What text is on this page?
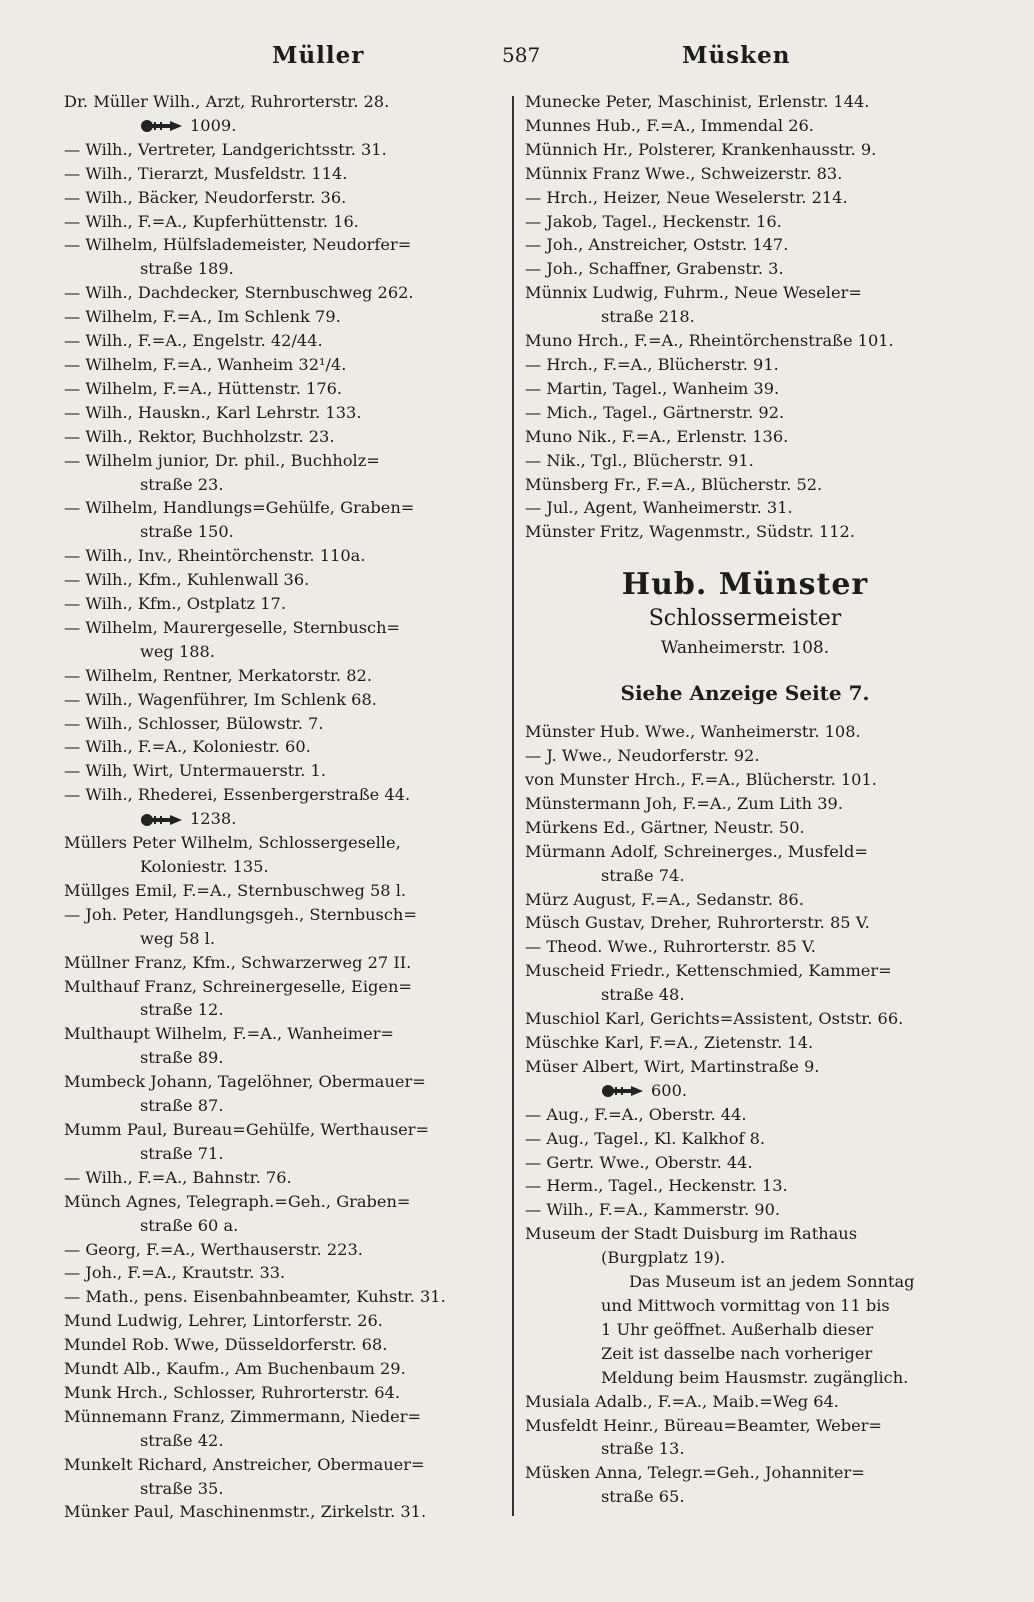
Müller	587	Müsken
Dr. Müller Wilh., Arzt, Ruhrorterstr. 28.
1009.
— Wilh., Vertreter, Landgerichtsstr. 31.
— Wilh., Tierarzt, Musfeldstr. 114.
— Wilh., Bäcker, Neudorferstr. 36.
— Wilh., F.=A., Kupferhüttenstr. 16.
— Wilhelm, Hülfslademeister, Neudorfer=
straße 189.
— Wilh., Dachdecker, Sternbuschweg 262.
— Wilhelm, F.=A., Im Schlenk 79.
— Wilh., F.=A., Engelstr. 42/44.
— Wilhelm, F.=A., Wanheim 32¹/4.
— Wilhelm, F.=A., Hüttenstr. 176.
— Wilh., Hauskn., Karl Lehrstr. 133.
— Wilh., Rektor, Buchholzstr. 23.
— Wilhelm junior, Dr. phil., Buchholz=
straße 23.
— Wilhelm, Handlungs=Gehülfe, Graben=
straße 150.
— Wilh., Inv., Rheintörchenstr. 110a.
— Wilh., Kfm., Kuhlenwall 36.
— Wilh., Kfm., Ostplatz 17.
— Wilhelm, Maurergeselle, Sternbusch=
weg 188.
— Wilhelm, Rentner, Merkatorstr. 82.
— Wilh., Wagenführer, Im Schlenk 68.
— Wilh., Schlosser, Bülowstr. 7.
— Wilh., F.=A., Koloniestr. 60.
— Wilh, Wirt, Untermauerstr. 1.
— Wilh., Rhederei, Essenbergerstraße 44.
1238.
Müllers Peter Wilhelm, Schlossergeselle,
Koloniestr. 135.
Müllges Emil, F.=A., Sternbuschweg 58 l.
— Joh. Peter, Handlungsgeh., Sternbusch=
weg 58 l.
Müllner Franz, Kfm., Schwarzerweg 27 II.
Multhauf Franz, Schreinergeselle, Eigen=
straße 12.
Multhaupt Wilhelm, F.=A., Wanheimer=
straße 89.
Mumbeck Johann, Tagelöhner, Obermauer=
straße 87.
Mumm Paul, Bureau=Gehülfe, Werthauser=
straße 71.
— Wilh., F.=A., Bahnstr. 76.
Münch Agnes, Telegraph.=Geh., Graben=
straße 60 a.
— Georg, F.=A., Werthauserstr. 223.
— Joh., F.=A., Krautstr. 33.
— Math., pens. Eisenbahnbeamter, Kuhstr. 31.
Mund Ludwig, Lehrer, Lintorferstr. 26.
Mundel Rob. Wwe, Düsseldorferstr. 68.
Mundt Alb., Kaufm., Am Buchenbaum 29.
Munk Hrch., Schlosser, Ruhrorterstr. 64.
Münnemann Franz, Zimmermann, Nieder=
straße 42.
Munkelt Richard, Anstreicher, Obermauer=
straße 35.
Münker Paul, Maschinenmstr., Zirkelstr. 31.
Munecke Peter, Maschinist, Erlenstr. 144.
Munnes Hub., F.=A., Immendal 26.
Münnich Hr., Polsterer, Krankenhausstr. 9.
Münnix Franz Wwe., Schweizerstr. 83.
— Hrch., Heizer, Neue Weselerstr. 214.
— Jakob, Tagel., Heckenstr. 16.
— Joh., Anstreicher, Oststr. 147.
— Joh., Schaffner, Grabenstr. 3.
Münnix Ludwig, Fuhrm., Neue Weseler=
straße 218.
Muno Hrch., F.=A., Rheintörchenstraße 101.
— Hrch., F.=A., Blücherstr. 91.
— Martin, Tagel., Wanheim 39.
— Mich., Tagel., Gärtnerstr. 92.
Muno Nik., F.=A., Erlenstr. 136.
— Nik., Tgl., Blücherstr. 91.
Münsberg Fr., F.=A., Blücherstr. 52.
— Jul., Agent, Wanheimerstr. 31.
Münster Fritz, Wagenmstr., Südstr. 112.
Hub. Münster
Schlossermeister
Wanheimerstr. 108.
Siehe Anzeige Seite 7.
Münster Hub. Wwe., Wanheimerstr. 108.
— J. Wwe., Neudorferstr. 92.
von Munster Hrch., F.=A., Blücherstr. 101.
Münstermann Joh, F.=A., Zum Lith 39.
Mürkens Ed., Gärtner, Neustr. 50.
Mürmann Adolf, Schreinerges., Musfeld=
straße 74.
Mürz August, F.=A., Sedanstr. 86.
Müsch Gustav, Dreher, Ruhrorterstr. 85 V.
— Theod. Wwe., Ruhrorterstr. 85 V.
Muscheid Friedr., Kettenschmied, Kammer=
straße 48.
Muschiol Karl, Gerichts=Assistent, Oststr. 66.
Müschke Karl, F.=A., Zietenstr. 14.
Müser Albert, Wirt, Martinstraße 9.
600.
— Aug., F.=A., Oberstr. 44.
— Aug., Tagel., Kl. Kalkhof 8.
— Gertr. Wwe., Oberstr. 44.
— Herm., Tagel., Heckenstr. 13.
— Wilh., F.=A., Kammerstr. 90.
Museum der Stadt Duisburg im Rathaus
(Burgplatz 19).

Das Museum ist an jedem Sonntag

und Mittwoch vormittag von 11 bis

1 Uhr geöffnet. Außerhalb dieser

Zeit ist dasselbe nach vorheriger

Meldung beim Hausmstr. zugänglich.

Musiala Adalb., F.=A., Maib.=Weg 64.
Musfeldt Heinr., Büreau=Beamter, Weber=
straße 13.
Müsken Anna, Telegr.=Geh., Johanniter=
straße 65.
